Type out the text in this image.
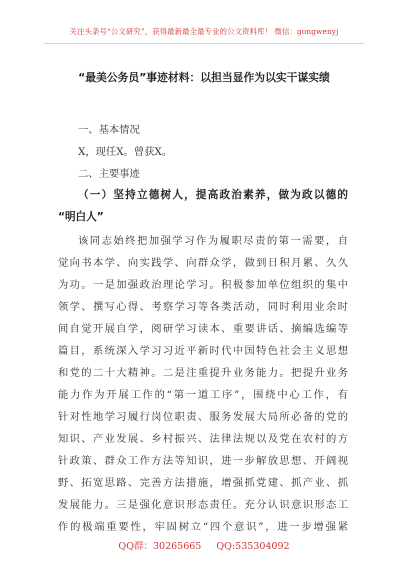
关注头条号“公文研究”，获得最新最全最专业的公文资料库！ 微信：gongwenyj
“最美公务员”事迹材料：以担当显作为以实干谋实绩
一、基本情况
X，现任X。曾获X。
二、主要事迹
（一）坚持立德树人，提高政治素养，做为政以德的
“明白人”
该同志始终把加强学习作为履职尽责的第一需要，自
觉向书本学、向实践学、向群众学，做到日积月累、久久
为功。一是加强政治理论学习。积极参加单位组织的集中
领学、撰写心得、考察学习等各类活动，同时利用业余时
间自觉开展自学，阅研学习读本、重要讲话、摘编选编等
篇目，系统深入学习习近平新时代中国特色社会主义思想
和党的二十大精神。二是注重提升业务能力。把提升业务
能力作为开展工作的“第一道工序”，围绕中心工作，有
针对性地学习履行岗位职责、服务发展大局所必备的党的
知识、产业发展、乡村振兴、法律法规以及党在农村的方
针政策、群众工作方法等知识，进一步解放思想、开阔视
野、拓宽思路、完善方法措施，增强抓党建、抓产业、抓
发展能力。三是强化意识形态责任。充分认识意识形态工
作的极端重要性，牢固树立“四个意识”，进一步增强紧
QQ群：30265665 QQ:535304092
